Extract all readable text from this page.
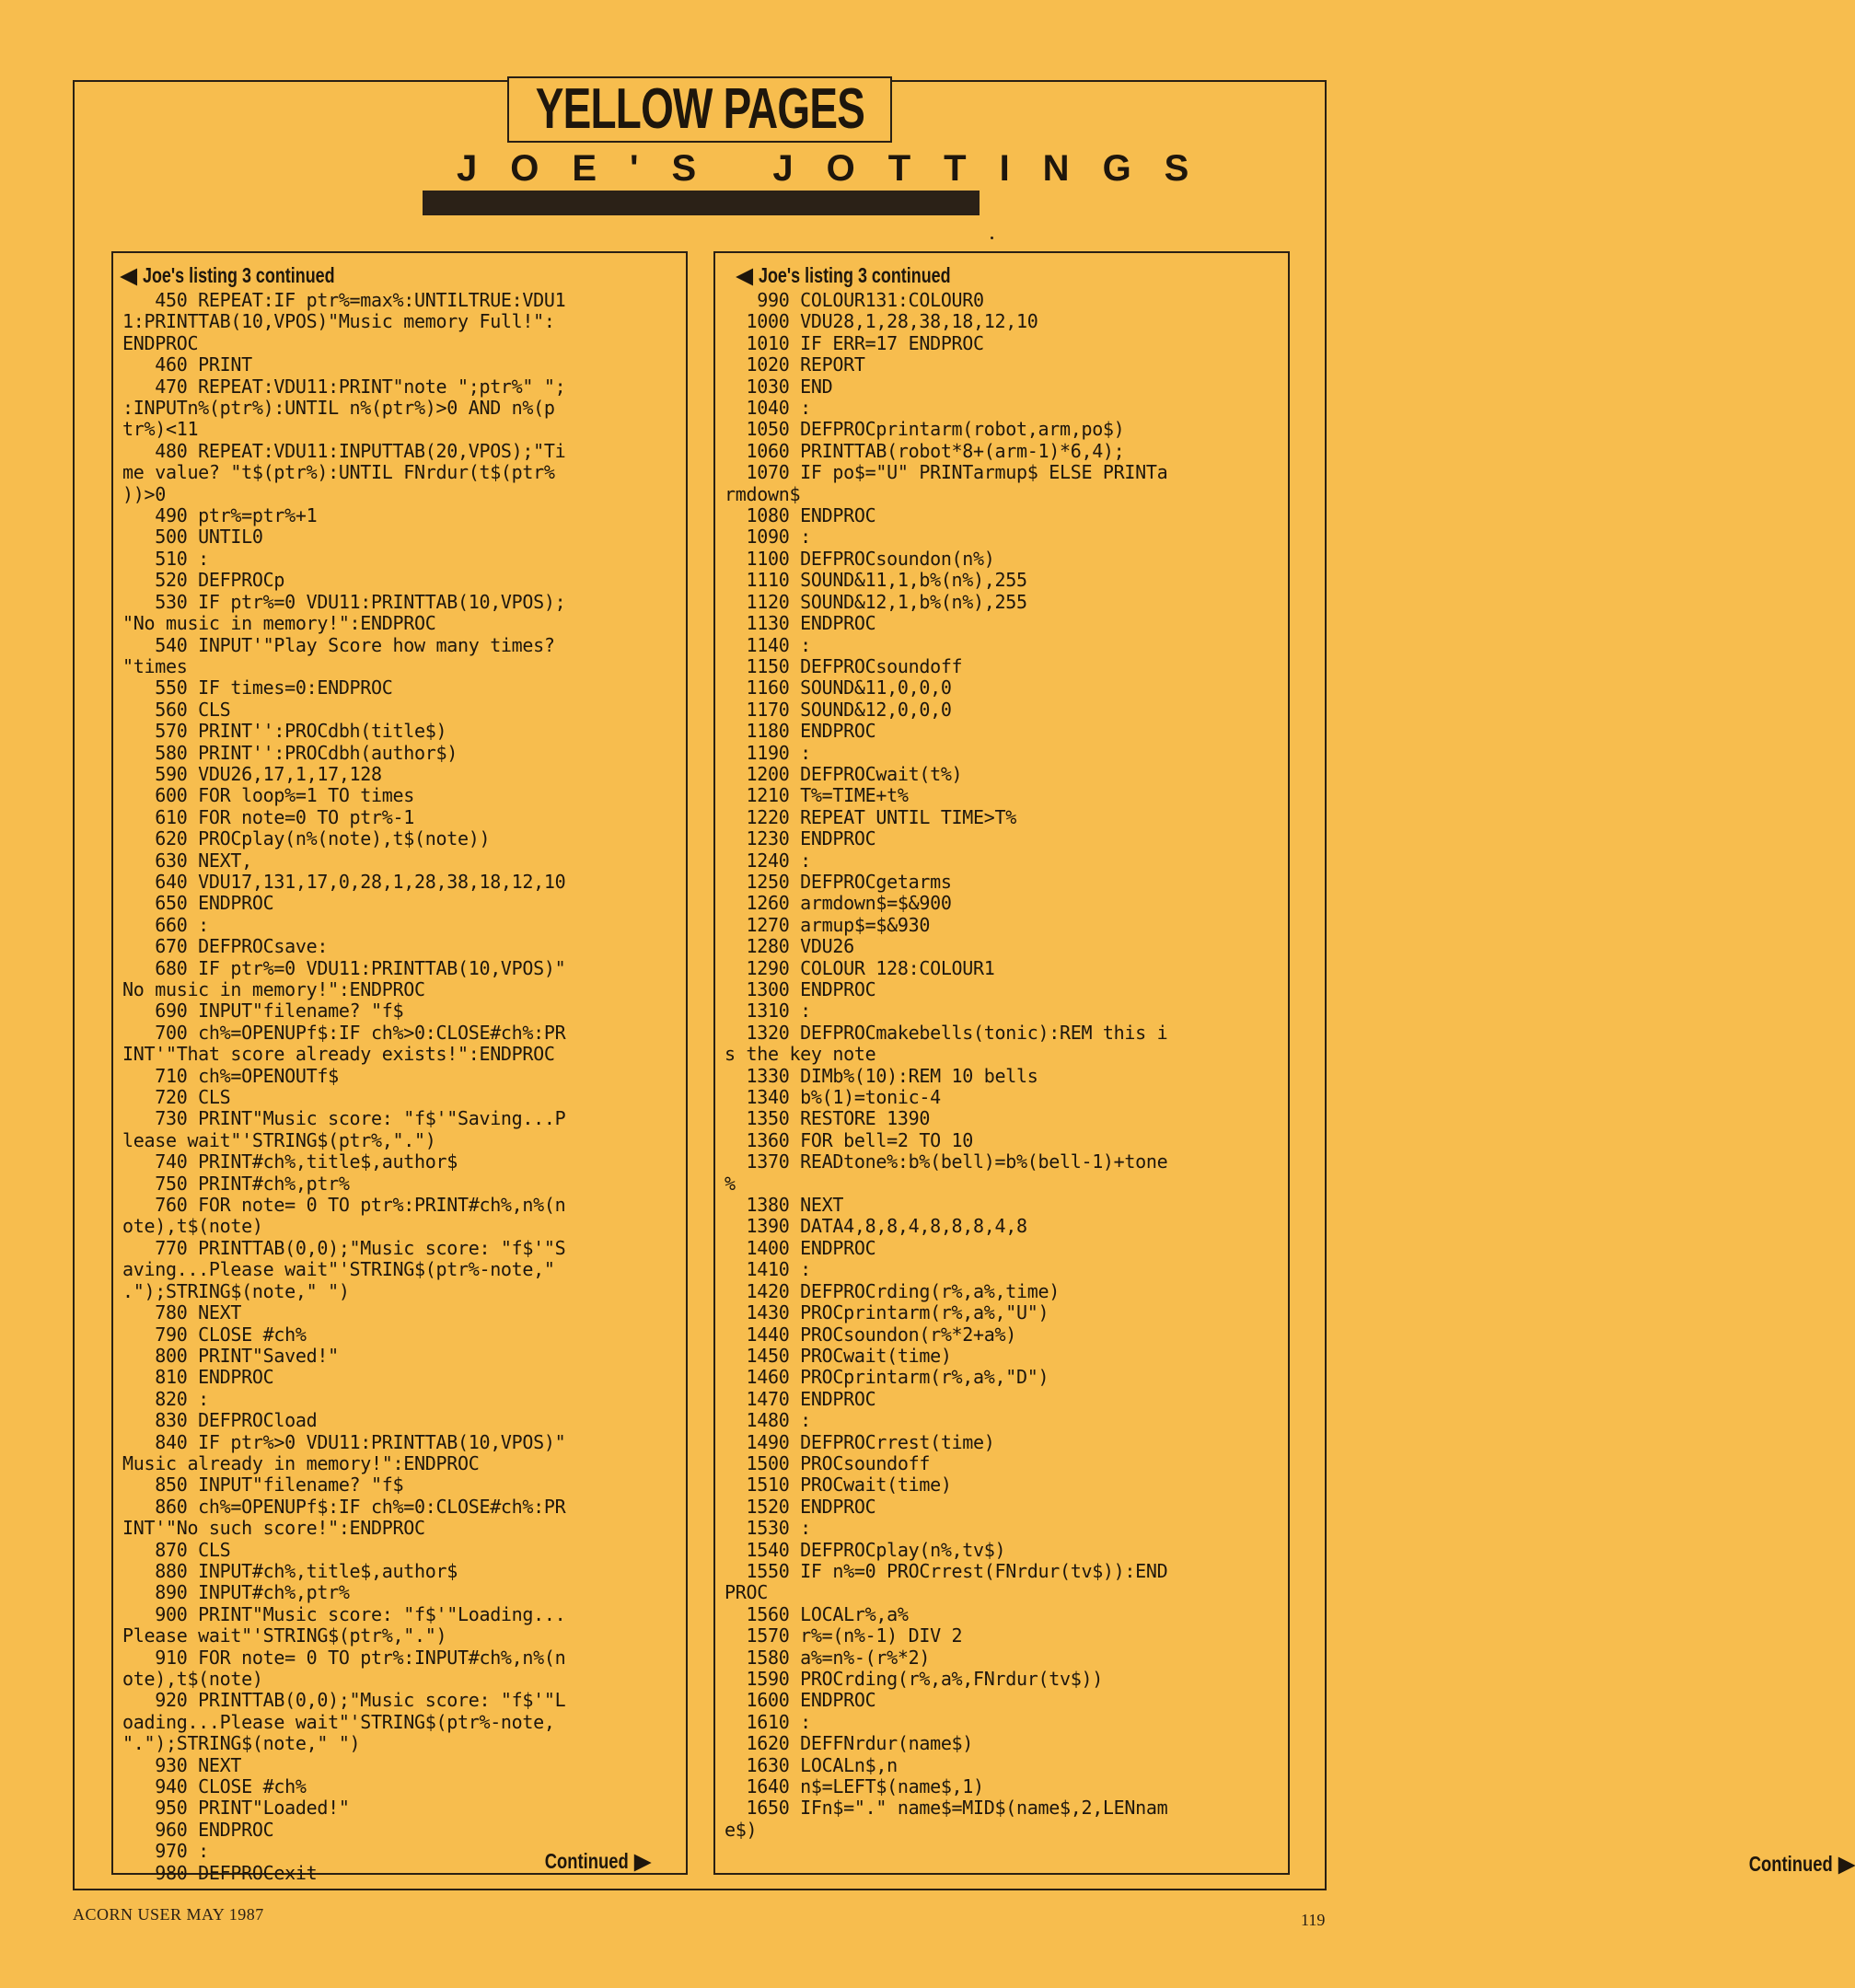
YELLOW PAGES
JOE'S JOTTINGS
◀ Joe's listing 3 continued
450 REPEAT:IF ptr%=max%:UNTILTRUE:VDU1
1:PRINTTAB(10,VPOS)"Music memory Full!":
ENDPROC
460 PRINT
470 REPEAT:VDU11:PRINT"note ";ptr%" ";
:INPUTn%(ptr%):UNTIL n%(ptr%)>0 AND n%(p
tr%)<11
480 REPEAT:VDU11:INPUTTAB(20,VPOS);"Ti
me value? "t$(ptr%):UNTIL FNrdur(t$(ptr%
))>0
490 ptr%=ptr%+1
500 UNTIL0
510 :
520 DEFPROCp
530 IF ptr%=0 VDU11:PRINTTAB(10,VPOS);
"No music in memory!":ENDPROC
540 INPUT'"Play Score how many times?
"times
550 IF times=0:ENDPROC
560 CLS
570 PRINT'':PROCdbh(title$)
580 PRINT'':PROCdbh(author$)
590 VDU26,17,1,17,128
600 FOR loop%=1 TO times
610 FOR note=0 TO ptr%-1
620 PROCplay(n%(note),t$(note))
630 NEXT,
640 VDU17,131,17,0,28,1,28,38,18,12,10
650 ENDPROC
660 :
670 DEFPROCsave:
680 IF ptr%=0 VDU11:PRINTTAB(10,VPOS)"
No music in memory!":ENDPROC
690 INPUT"filename? "f$
700 ch%=OPENUPf$:IF ch%>0:CLOSE#ch%:PR
INT'"That score already exists!":ENDPROC
710 ch%=OPENOUTf$
720 CLS
730 PRINT"Music score: "f$'"Saving...P
lease wait"'STRING$(ptr%,".")
740 PRINT#ch%,title$,author$
750 PRINT#ch%,ptr%
760 FOR note= 0 TO ptr%:PRINT#ch%,n%(n
ote),t$(note)
770 PRINTTAB(0,0);"Music score: "f$'"S
aving...Please wait"'STRING$(ptr%-note,"
.");STRING$(note," ")
780 NEXT
790 CLOSE #ch%
800 PRINT"Saved!"
810 ENDPROC
820 :
830 DEFPROCload
840 IF ptr%>0 VDU11:PRINTTAB(10,VPOS)"
Music already in memory!":ENDPROC
850 INPUT"filename? "f$
860 ch%=OPENUPf$:IF ch%=0:CLOSE#ch%:PR
INT'"No such score!":ENDPROC
870 CLS
880 INPUT#ch%,title$,author$
890 INPUT#ch%,ptr%
900 PRINT"Music score: "f$'"Loading...
Please wait"'STRING$(ptr%,".")
910 FOR note= 0 TO ptr%:INPUT#ch%,n%(n
ote),t$(note)
920 PRINTTAB(0,0);"Music score: "f$'"L
oading...Please wait"'STRING$(ptr%-note,
".");STRING$(note," ")
930 NEXT
940 CLOSE #ch%
950 PRINT"Loaded!"
960 ENDPROC
970 :
980 DEFPROCexit	Continued ▶
◀ Joe's listing 3 continued
990 COLOUR131:COLOUR0
1000 VDU28,1,28,38,18,12,10
1010 IF ERR=17 ENDPROC
1020 REPORT
1030 END
1040 :
1050 DEFPROCprintarm(robot,arm,po$)
1060 PRINTTAB(robot*8+(arm-1)*6,4);
1070 IF po$="U" PRINTarmup$ ELSE PRINTa
rmdown$
1080 ENDPROC
1090 :
1100 DEFPROCsoundon(n%)
1110 SOUND&11,1,b%(n%),255
1120 SOUND&12,1,b%(n%),255
1130 ENDPROC
1140 :
1150 DEFPROCsoundoff
1160 SOUND&11,0,0,0
1170 SOUND&12,0,0,0
1180 ENDPROC
1190 :
1200 DEFPROCwait(t%)
1210 T%=TIME+t%
1220 REPEAT UNTIL TIME>T%
1230 ENDPROC
1240 :
1250 DEFPROCgetarms
1260 armdown$=$&900
1270 armup$=$&930
1280 VDU26
1290 COLOUR 128:COLOUR1
1300 ENDPROC
1310 :
1320 DEFPROCmakebells(tonic):REM this i
s the key note
1330 DIMb%(10):REM 10 bells
1340 b%(1)=tonic-4
1350 RESTORE 1390
1360 FOR bell=2 TO 10
1370 READtone%:b%(bell)=b%(bell-1)+tone
%
1380 NEXT
1390 DATA4,8,8,4,8,8,8,4,8
1400 ENDPROC
1410 :
1420 DEFPROCrding(r%,a%,time)
1430 PROCprintarm(r%,a%,"U")
1440 PROCsoundon(r%*2+a%)
1450 PROCwait(time)
1460 PROCprintarm(r%,a%,"D")
1470 ENDPROC
1480 :
1490 DEFPROCrrest(time)
1500 PROCsoundoff
1510 PROCwait(time)
1520 ENDPROC
1530 :
1540 DEFPROCplay(n%,tv$)
1550 IF n%=0 PROCrrest(FNrdur(tv$)):END
PROC
1560 LOCALr%,a%
1570 r%=(n%-1) DIV 2
1580 a%=n%-(r%*2)
1590 PROCrding(r%,a%,FNrdur(tv$))
1600 ENDPROC
1610 :
1620 DEFFNrdur(name$)
1630 LOCALn$,n
1640 n$=LEFT$(name$,1)
1650 IFn$="." name$=MID$(name$,2,LENnam
e$)
Continued ▶
ACORN USER MAY 1987	119
